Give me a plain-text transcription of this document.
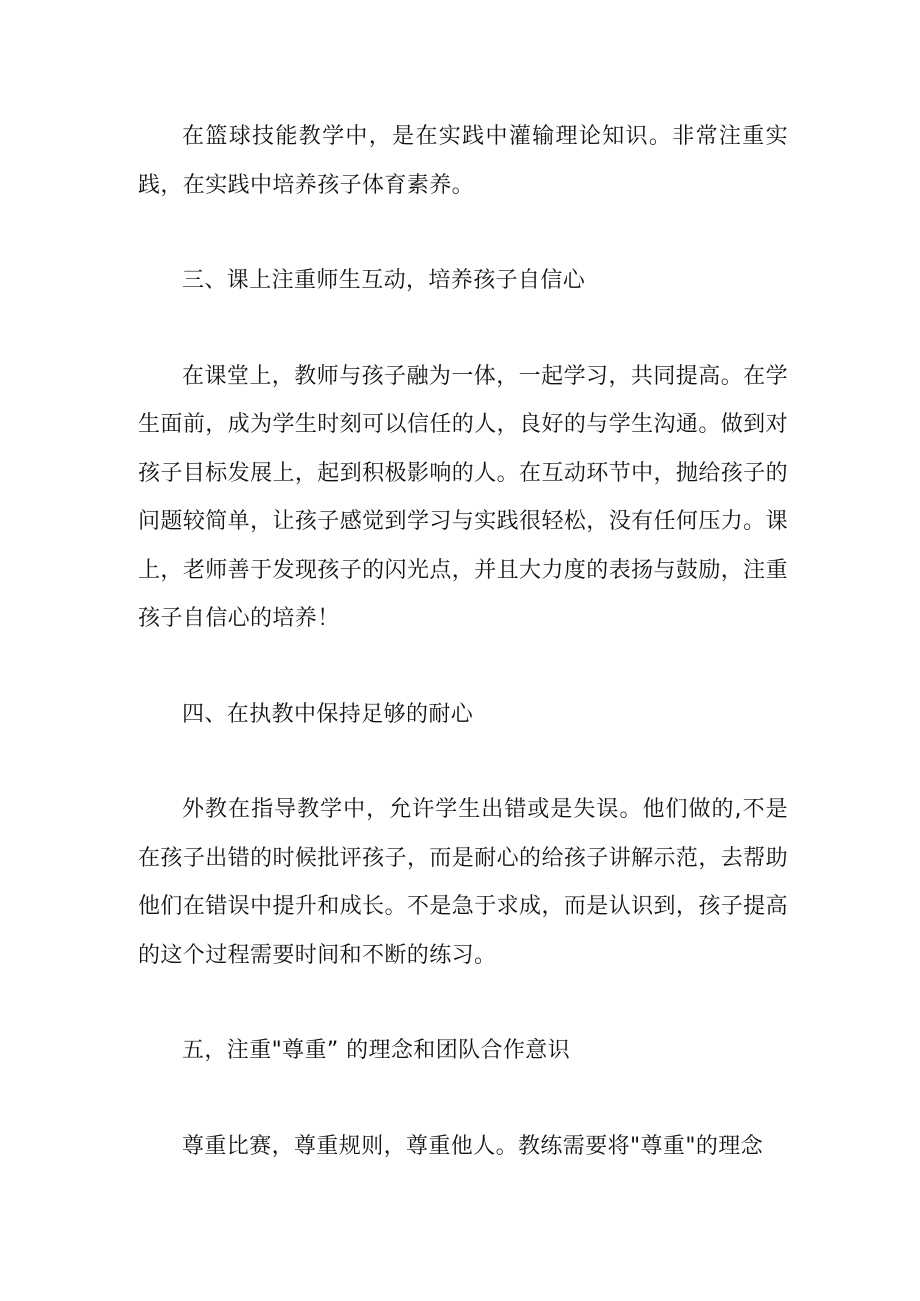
在篮球技能教学中，是在实践中灌输理论知识。非常注重实践，在实践中培养孩子体育素养。

三、课上注重师生互动，培养孩子自信心

在课堂上，教师与孩子融为一体，一起学习，共同提高。在学生面前，成为学生时刻可以信任的人，良好的与学生沟通。做到对孩子目标发展上，起到积极影响的人。在互动环节中，抛给孩子的问题较简单，让孩子感觉到学习与实践很轻松，没有任何压力。课上，老师善于发现孩子的闪光点，并且大力度的表扬与鼓励，注重孩子自信心的培养！

四、在执教中保持足够的耐心

外教在指导教学中，允许学生出错或是失误。他们做的,不是在孩子出错的时候批评孩子，而是耐心的给孩子讲解示范，去帮助他们在错误中提升和成长。不是急于求成，而是认识到，孩子提高的这个过程需要时间和不断的练习。

五，注重"尊重” 的理念和团队合作意识

尊重比赛，尊重规则，尊重他人。教练需要将"尊重"的理念
